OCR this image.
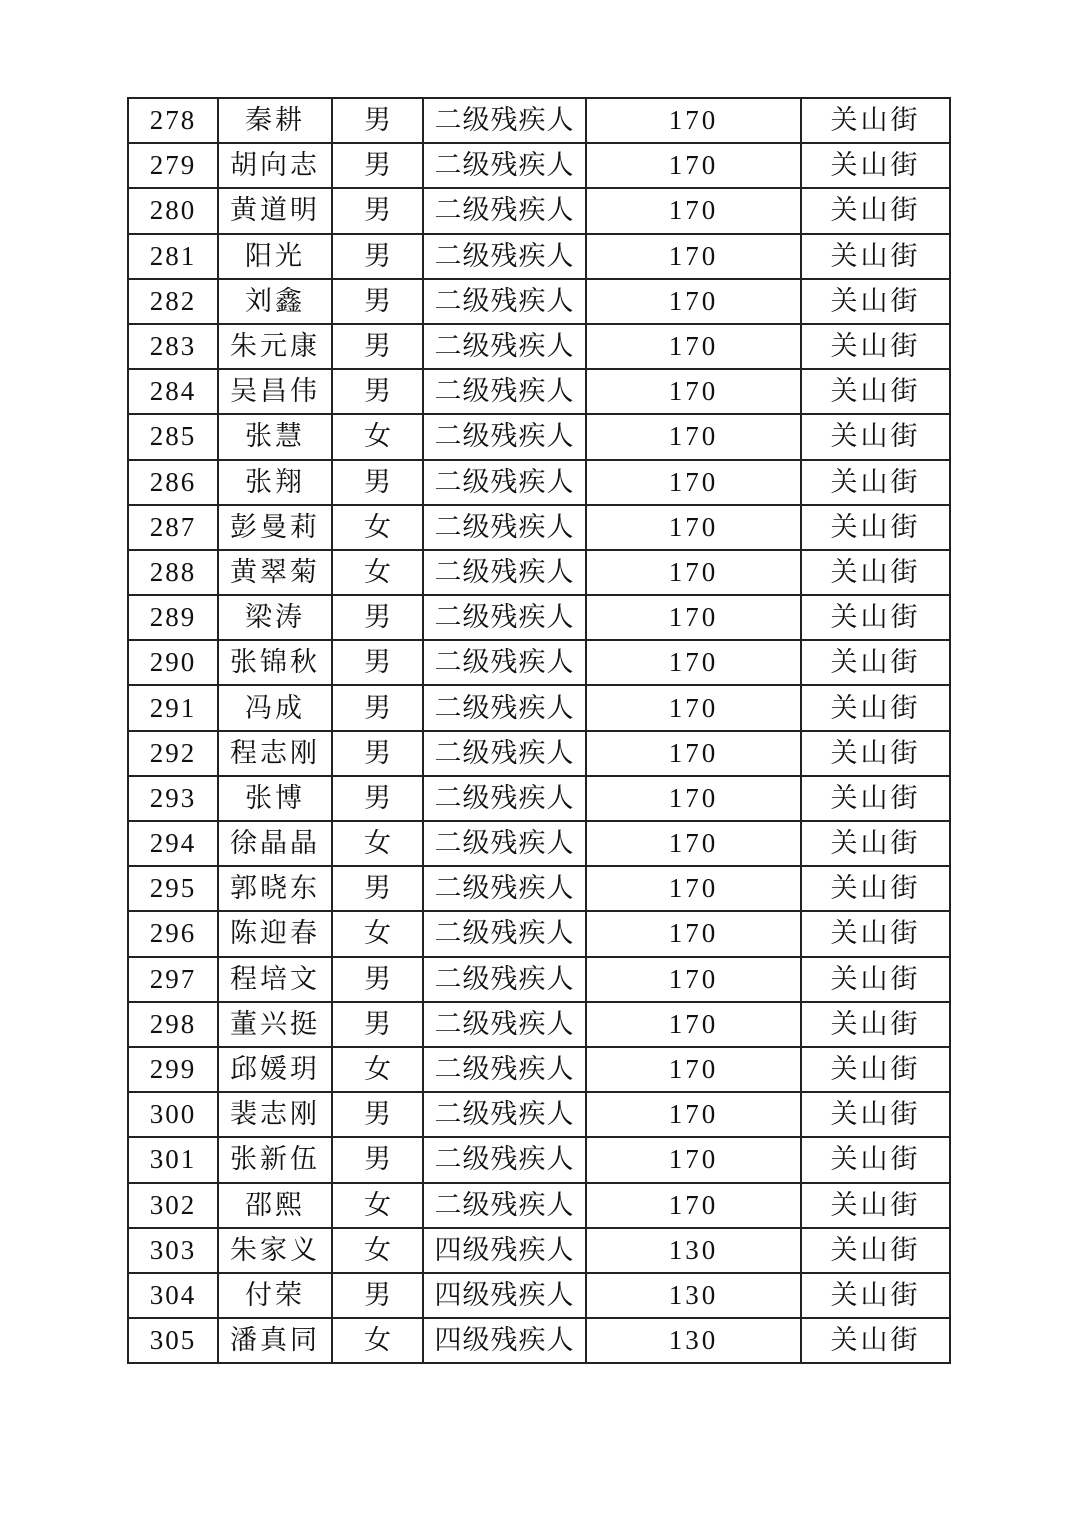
278	秦耕	男	二级残疾人	170	关山街
279	胡向志	男	二级残疾人	170	关山街
280	黄道明	男	二级残疾人	170	关山街
281	阳光	男	二级残疾人	170	关山街
282	刘鑫	男	二级残疾人	170	关山街
283	朱元康	男	二级残疾人	170	关山街
284	吴昌伟	男	二级残疾人	170	关山街
285	张慧	女	二级残疾人	170	关山街
286	张翔	男	二级残疾人	170	关山街
287	彭曼莉	女	二级残疾人	170	关山街
288	黄翠菊	女	二级残疾人	170	关山街
289	梁涛	男	二级残疾人	170	关山街
290	张锦秋	男	二级残疾人	170	关山街
291	冯成	男	二级残疾人	170	关山街
292	程志刚	男	二级残疾人	170	关山街
293	张博	男	二级残疾人	170	关山街
294	徐晶晶	女	二级残疾人	170	关山街
295	郭晓东	男	二级残疾人	170	关山街
296	陈迎春	女	二级残疾人	170	关山街
297	程培文	男	二级残疾人	170	关山街
298	董兴挺	男	二级残疾人	170	关山街
299	邱媛玥	女	二级残疾人	170	关山街
300	裴志刚	男	二级残疾人	170	关山街
301	张新伍	男	二级残疾人	170	关山街
302	邵熙	女	二级残疾人	170	关山街
303	朱家义	女	四级残疾人	130	关山街
304	付荣	男	四级残疾人	130	关山街
305	潘真同	女	四级残疾人	130	关山街
